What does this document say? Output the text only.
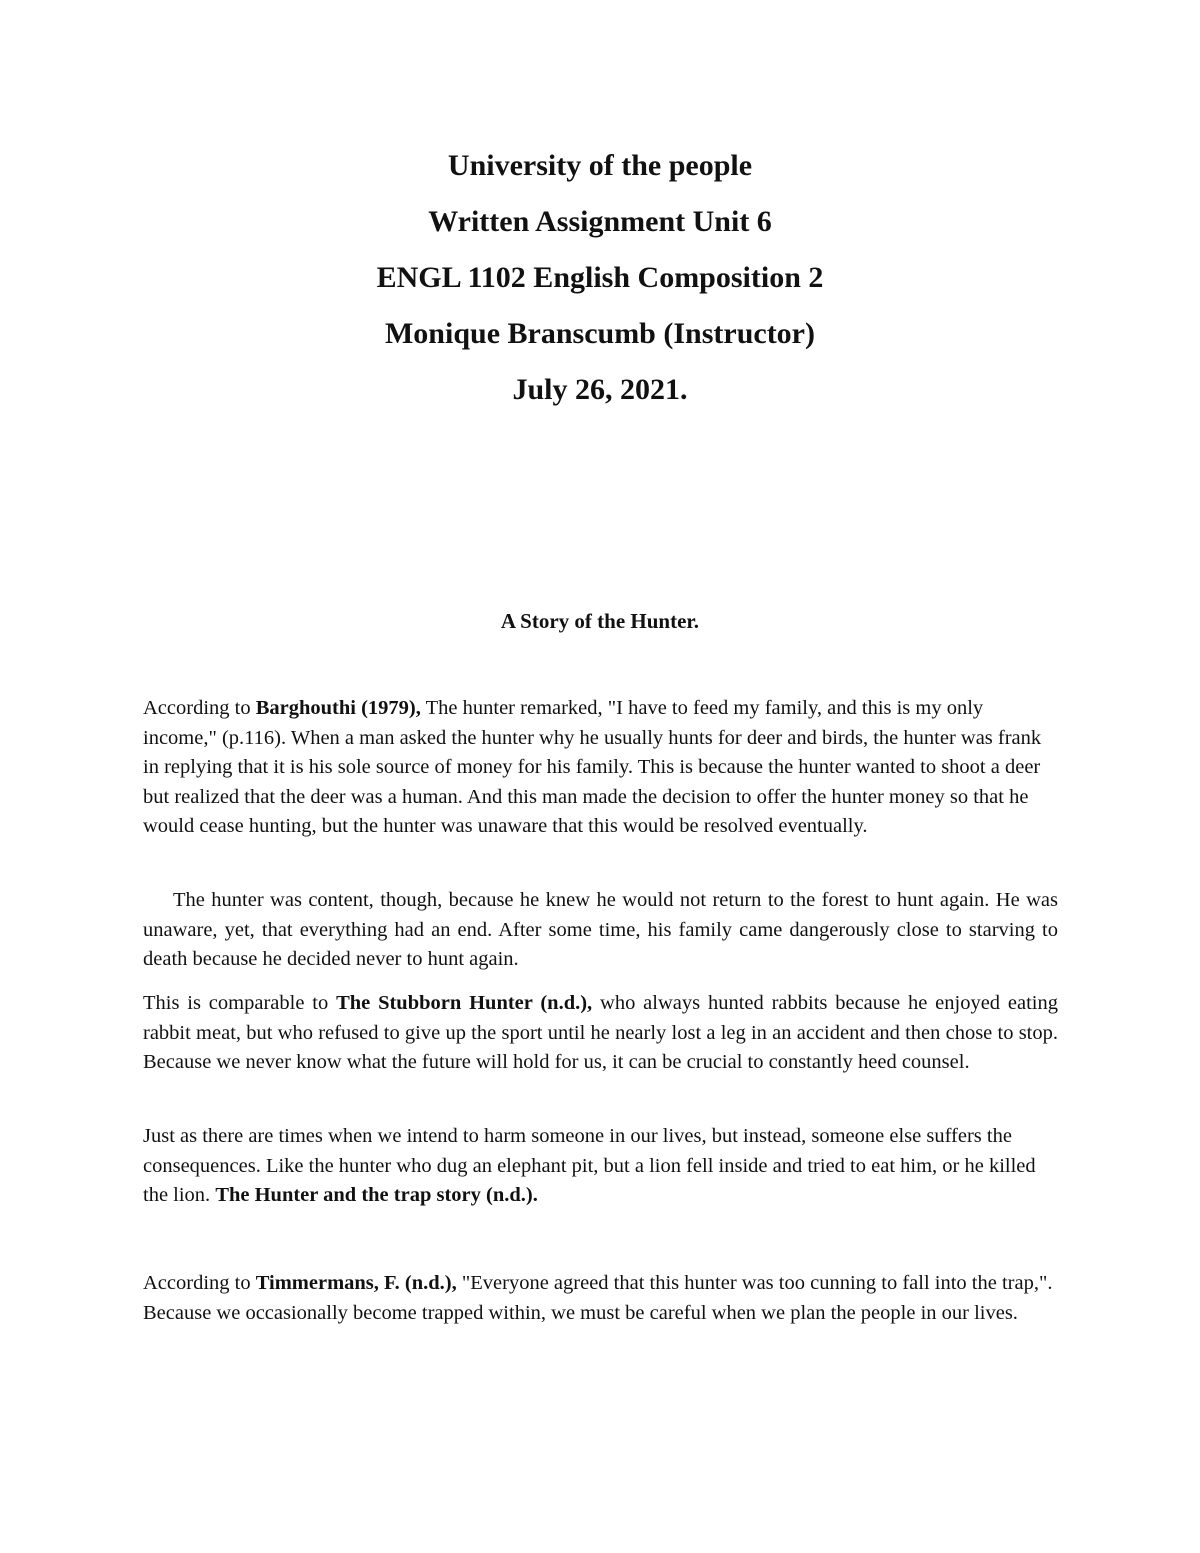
University of the people

Written Assignment Unit 6

ENGL 1102 English Composition 2

Monique Branscumb (Instructor)

July 26, 2021.

A Story of the Hunter.

According to Barghouthi (1979), The hunter remarked, "I have to feed my family, and this is my only income," (p.116). When a man asked the hunter why he usually hunts for deer and birds, the hunter was frank in replying that it is his sole source of money for his family. This is because the hunter wanted to shoot a deer but realized that the deer was a human. And this man made the decision to offer the hunter money so that he would cease hunting, but the hunter was unaware that this would be resolved eventually.

The hunter was content, though, because he knew he would not return to the forest to hunt again. He was unaware, yet, that everything had an end. After some time, his family came dangerously close to starving to death because he decided never to hunt again.

This is comparable to The Stubborn Hunter (n.d.), who always hunted rabbits because he enjoyed eating rabbit meat, but who refused to give up the sport until he nearly lost a leg in an accident and then chose to stop. Because we never know what the future will hold for us, it can be crucial to constantly heed counsel.

Just as there are times when we intend to harm someone in our lives, but instead, someone else suffers the consequences. Like the hunter who dug an elephant pit, but a lion fell inside and tried to eat him, or he killed the lion. The Hunter and the trap story (n.d.).

According to Timmermans, F. (n.d.), "Everyone agreed that this hunter was too cunning to fall into the trap,". Because we occasionally become trapped within, we must be careful when we plan the people in our lives.
